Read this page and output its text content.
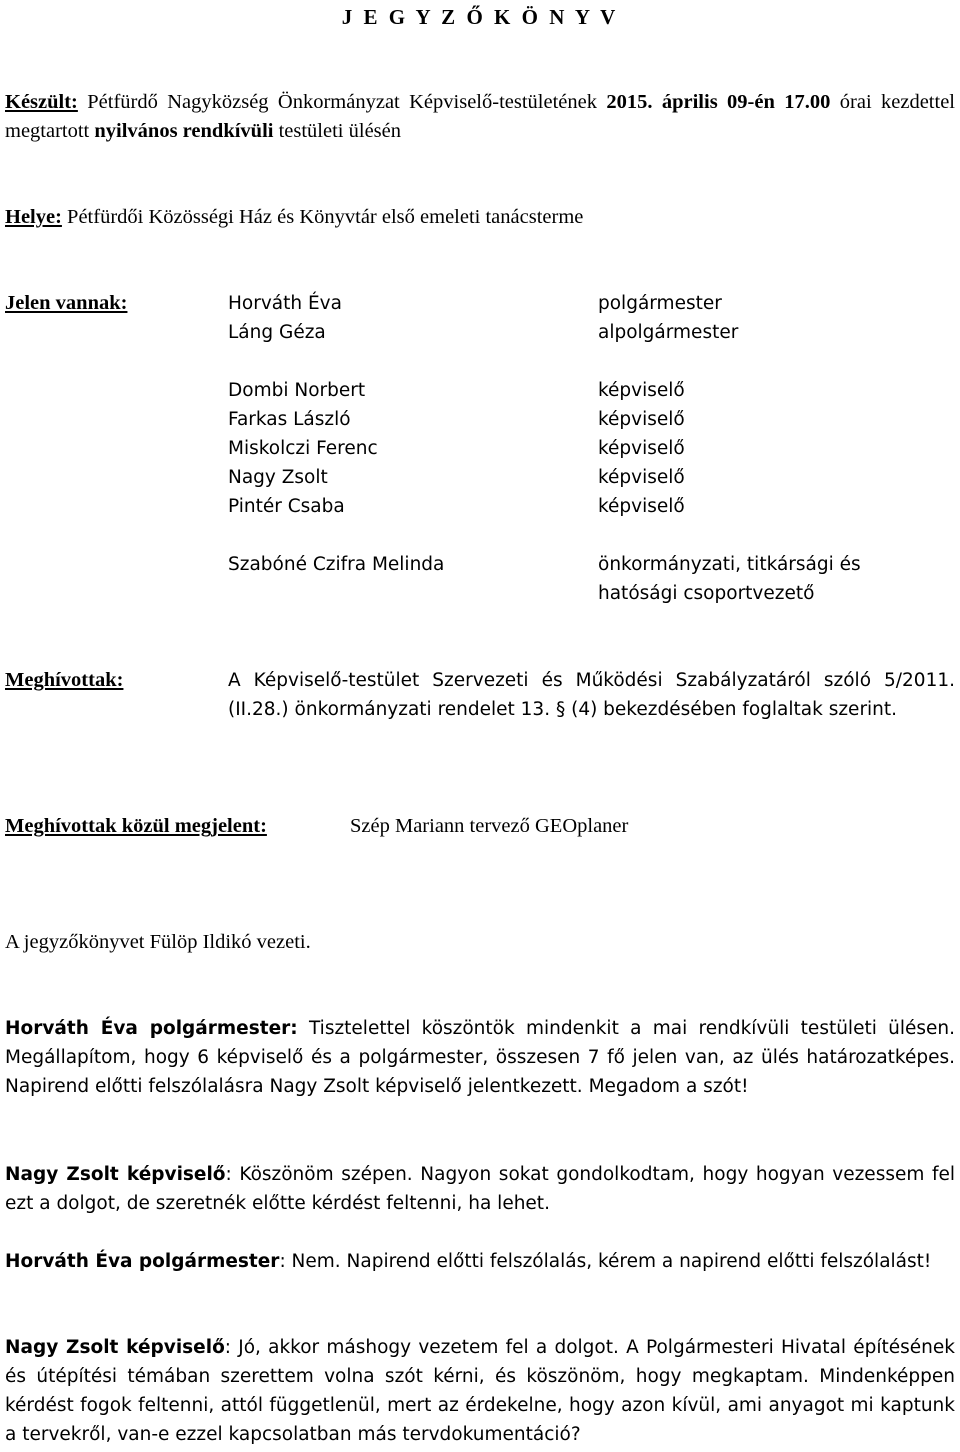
J E G Y Z Ő K Ö N Y V
Készült: Pétfürdő Nagyközség Önkormányzat Képviselő-testületének 2015. április 09-én 17.00 órai kezdettel megtartott nyilvános rendkívüli testületi ülésén
Helye: Pétfürdői Közösségi Ház és Könyvtár első emeleti tanácsterme
Jelen vannak:	Horváth Éva	polgármester
Láng Géza	alpolgármester
Dombi Norbert	képviselő
Farkas László	képviselő
Miskolczi Ferenc	képviselő
Nagy Zsolt	képviselő
Pintér Csaba	képviselő
Szabóné Czifra Melinda	önkormányzati, titkársági és
hatósági csoportvezető
Meghívottak:	A Képviselő-testület Szervezeti és Működési Szabályzatáról szóló 5/2011.(II.28.) önkormányzati rendelet 13. § (4) bekezdésében foglaltak szerint.
Meghívottak közül megjelent:	Szép Mariann tervező GEOplaner
A jegyzőkönyvet Fülöp Ildikó vezeti.
Horváth Éva polgármester: Tisztelettel köszöntök mindenkit a mai rendkívüli testületi ülésen. Megállapítom, hogy 6 képviselő és a polgármester, összesen 7 fő jelen van, az ülés határozatképes. Napirend előtti felszólalásra Nagy Zsolt képviselő jelentkezett. Megadom a szót!
Nagy Zsolt képviselő: Köszönöm szépen. Nagyon sokat gondolkodtam, hogy hogyan vezessem fel ezt a dolgot, de szeretnék előtte kérdést feltenni, ha lehet.
Horváth Éva polgármester: Nem. Napirend előtti felszólalás, kérem a napirend előtti felszólalást!
Nagy Zsolt képviselő: Jó, akkor máshogy vezetem fel a dolgot. A Polgármesteri Hivatal építésének és útépítési témában szerettem volna szót kérni, és köszönöm, hogy megkaptam. Mindenképpen kérdést fogok feltenni, attól függetlenül, mert az érdekelne, hogy azon kívül, ami anyagot mi kaptunk a tervekről, van-e ezzel kapcsolatban más tervdokumentáció?
